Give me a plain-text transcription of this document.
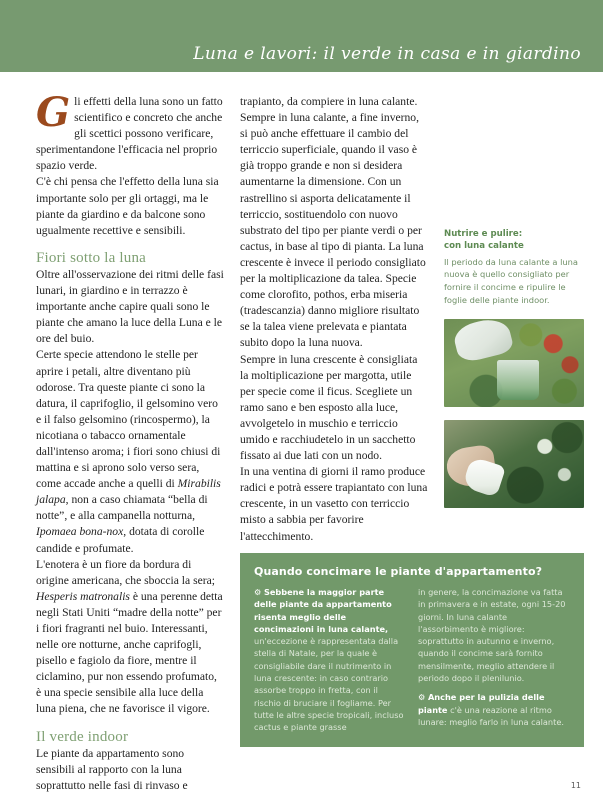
Luna e lavori: il verde in casa e in giardino

Gli effetti della luna sono un fatto scientifico e concreto che anche gli scettici possono verificare, sperimentandone l'efficacia nel proprio spazio verde.

C'è chi pensa che l'effetto della luna sia importante solo per gli ortaggi, ma le piante da giardino e da balcone sono ugualmente recettive e sensibili.

Fiori sotto la luna

Oltre all'osservazione dei ritmi delle fasi lunari, in giardino e in terrazzo è importante anche capire quali sono le piante che amano la luce della Luna e le ore del buio.

Certe specie attendono le stelle per aprire i petali, altre diventano più odorose. Tra queste piante ci sono la datura, il caprifoglio, il gelsomino vero e il falso gelsomino (rincospermo), la nicotiana o tabacco ornamentale dall'intenso aroma; i fiori sono chiusi di mattina e si aprono solo verso sera, come accade anche a quelli di Mirabilis jalapa, non a caso chiamata “bella di notte”, e alla campanella notturna, Ipomaea bona-nox, dotata di corolle candide e profumate.

L'enotera è un fiore da bordura di origine americana, che sboccia la sera; Hesperis matronalis è una perenne detta negli Stati Uniti “madre della notte” per i fiori fragranti nel buio. Interessanti, nelle ore notturne, anche caprifogli, pisello e fagiolo da fiore, mentre il ciclamino, pur non essendo profumato, è una specie sensibile alla luce della luna piena, che ne favorisce il vigore.

Il verde indoor

Le piante da appartamento sono sensibili al rapporto con la luna soprattutto nelle fasi di rinvaso e

trapianto, da compiere in luna calante. Sempre in luna calante, a fine inverno, si può anche effettuare il cambio del terriccio superficiale, quando il vaso è già troppo grande e non si desidera aumentarne la dimensione. Con un rastrellino si asporta delicatamente il terriccio, sostituendolo con nuovo substrato del tipo per piante verdi o per cactus, in base al tipo di pianta. La luna crescente è invece il periodo consigliato per la moltiplicazione da talea. Specie come clorofito, pothos, erba miseria (tradescanzia) danno migliore risultato se la talea viene prelevata e piantata subito dopo la luna nuova.

Sempre in luna crescente è consigliata la moltiplicazione per margotta, utile per specie come il ficus. Scegliete un ramo sano e ben esposto alla luce, avvolgetelo in muschio e terriccio umido e racchiudetelo in un sacchetto fissato ai due lati con un nodo.

In una ventina di giorni il ramo produce radici e potrà essere trapiantato con luna crescente, in un vasetto con terriccio misto a sabbia per favorire l'attecchimento.

Nutrire e pulire:
con luna calante

Il periodo da luna calante a luna nuova è quello consigliato per fornire il concime e ripulire le foglie delle piante indoor.

Quando concimare le piante d'appartamento?

⚙ Sebbene la maggior parte delle piante da appartamento risenta meglio delle concimazioni in luna calante, un'eccezione è rappresentata dalla stella di Natale, per la quale è consigliabile dare il nutrimento in luna crescente: in caso contrario assorbe troppo in fretta, con il rischio di bruciare il fogliame. Per tutte le altre specie tropicali, incluso cactus e piante grasse

in genere, la concimazione va fatta in primavera e in estate, ogni 15-20 giorni. In luna calante l'assorbimento è migliore: soprattutto in autunno e inverno, quando il concime sarà fornito mensilmente, meglio attendere il periodo dopo il plenilunio.

⚙ Anche per la pulizia delle piante c'è una reazione al ritmo lunare: meglio farlo in luna calante.

11
